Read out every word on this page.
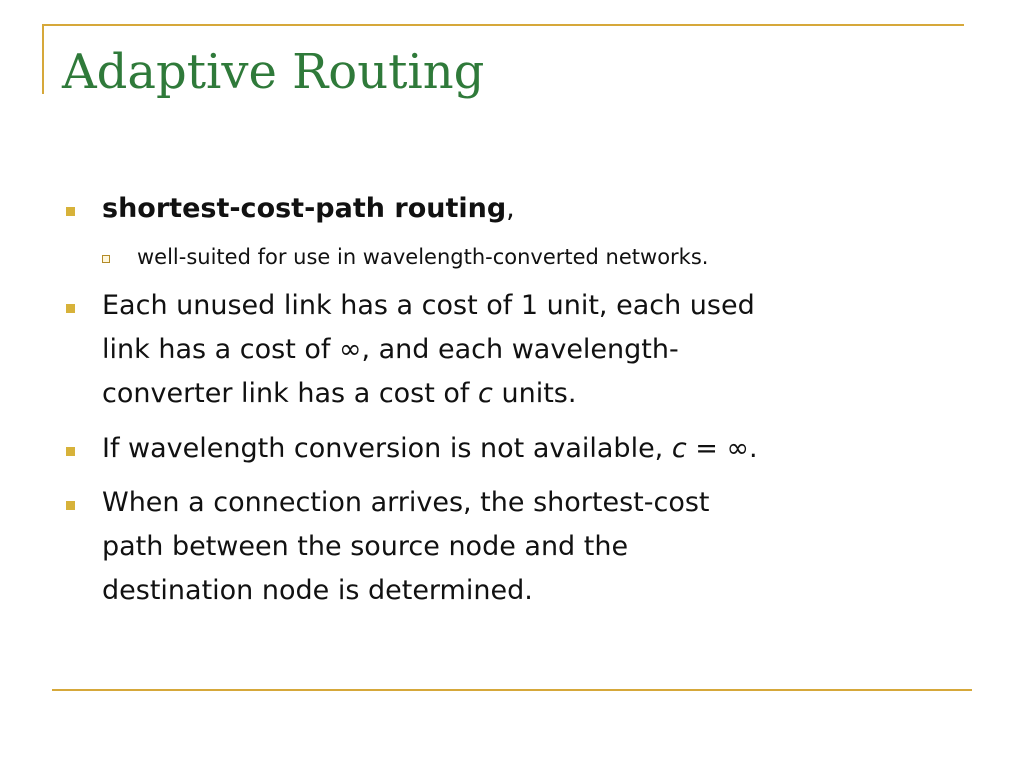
Adaptive Routing
shortest-cost-path routing,
well-suited for use in wavelength-converted networks.
Each unused link has a cost of 1 unit, each used
link has a cost of ∞, and each wavelength-
converter link has a cost of c units.
If wavelength conversion is not available, c = ∞.
When a connection arrives, the shortest-cost
path between the source node and the
destination node is determined.
